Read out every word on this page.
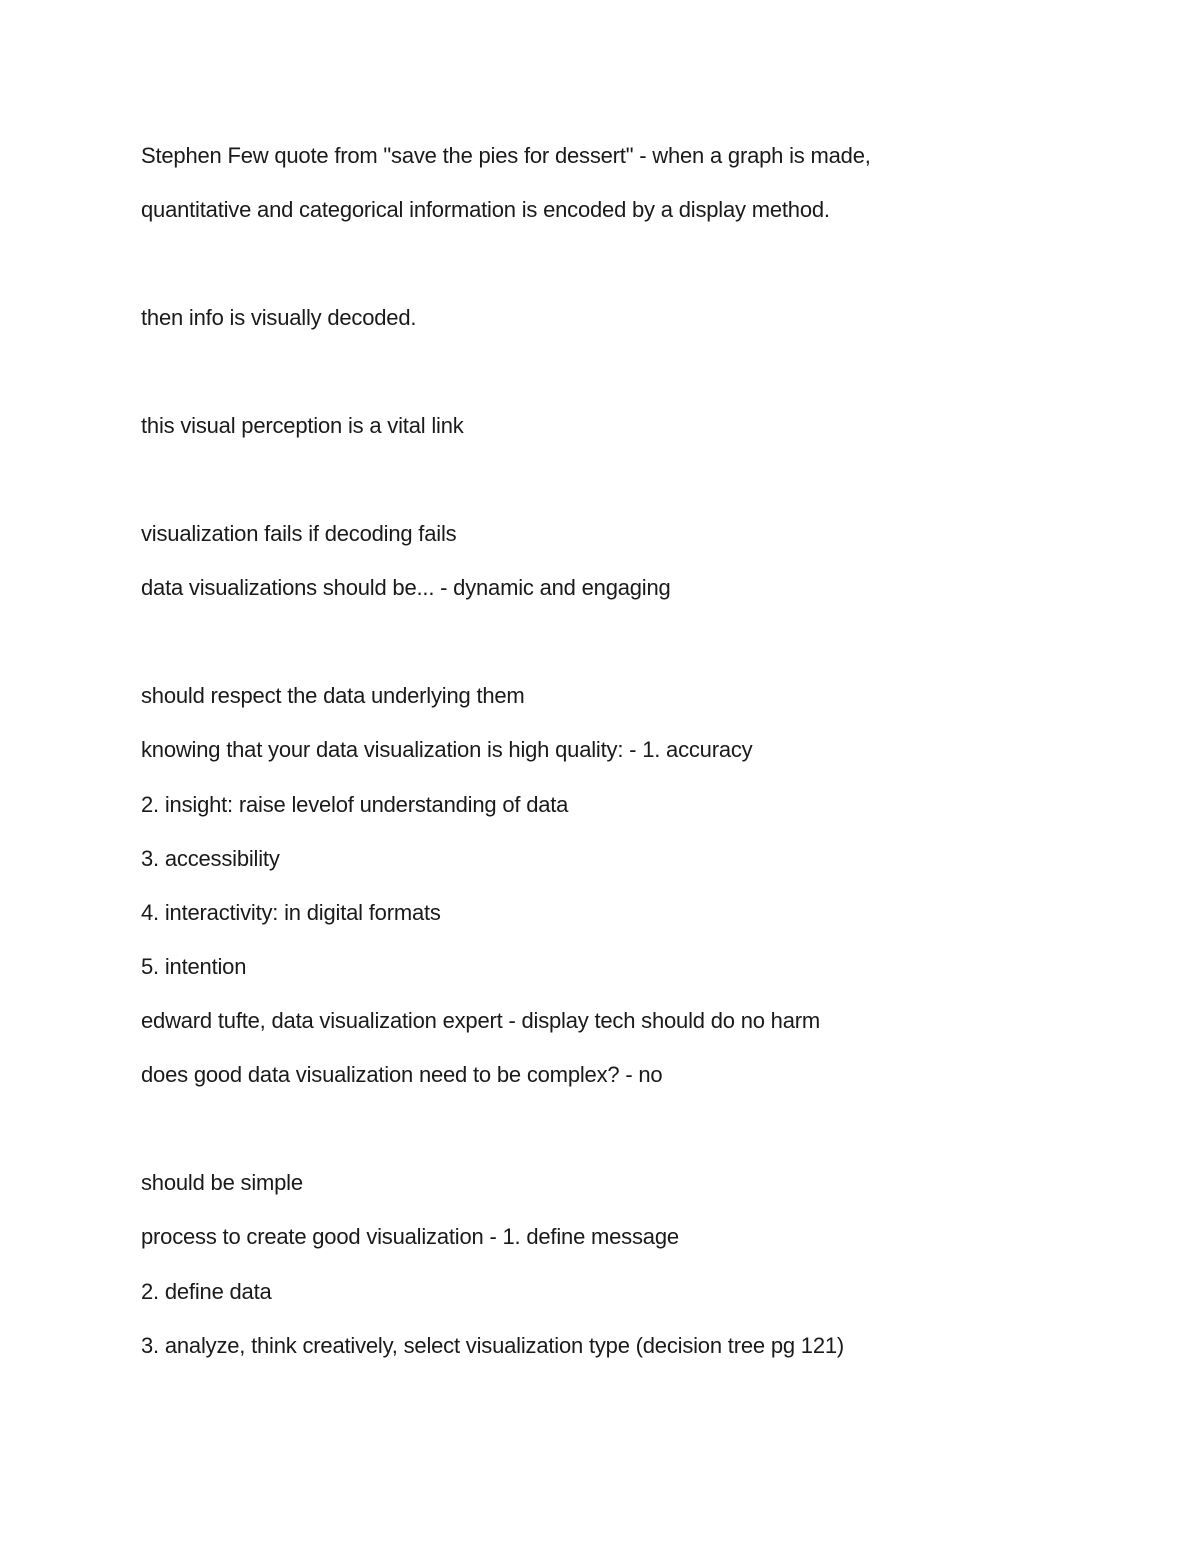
Stephen Few quote from "save the pies for dessert" - when a graph is made,
quantitative and categorical information is encoded by a display method.
then info is visually decoded.
this visual perception is a vital link
visualization fails if decoding fails
data visualizations should be... - dynamic and engaging
should respect the data underlying them
knowing that your data visualization is high quality: - 1. accuracy
2. insight: raise levelof understanding of data
3. accessibility
4. interactivity: in digital formats
5. intention
edward tufte, data visualization expert - display tech should do no harm
does good data visualization need to be complex? - no
should be simple
process to create good visualization - 1. define message
2. define data
3. analyze, think creatively, select visualization type (decision tree pg 121)
